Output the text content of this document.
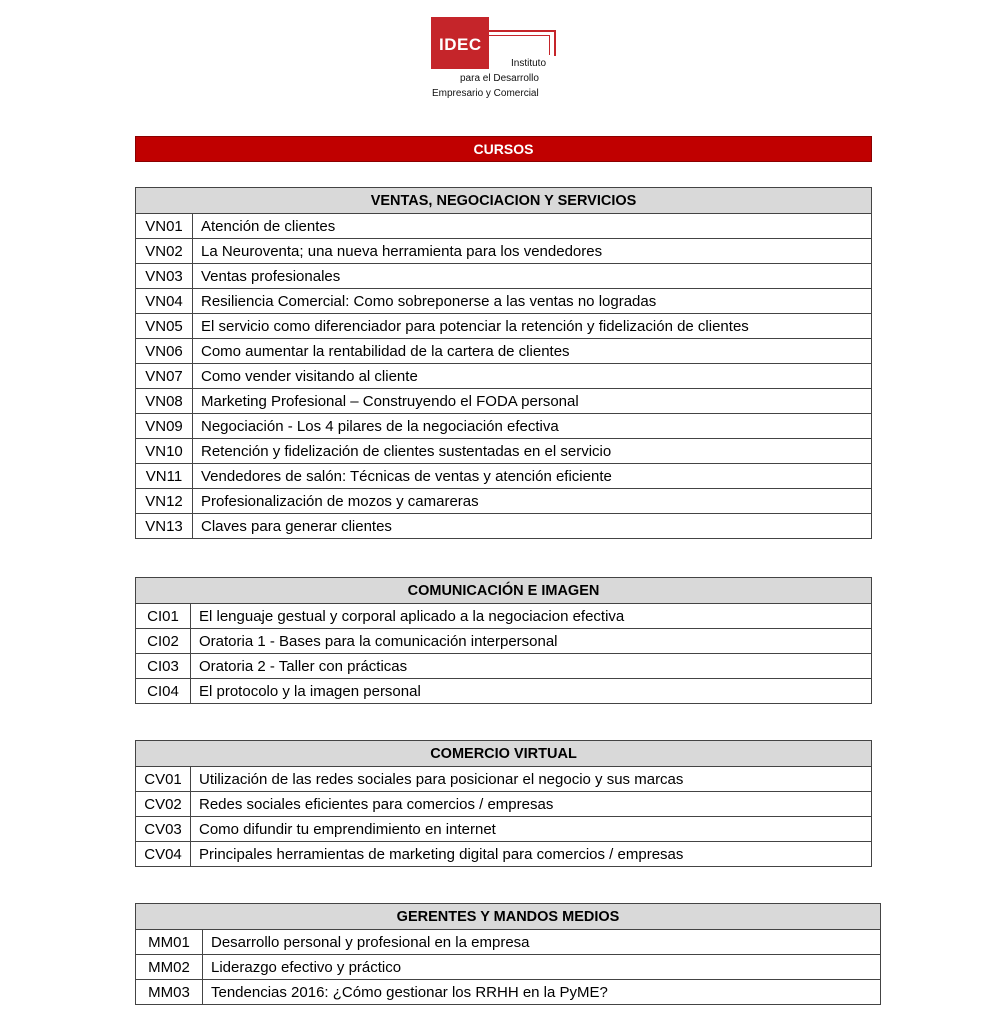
IDEC
Instituto
para el Desarrollo
Empresario y Comercial
CURSOS
VENTAS, NEGOCIACION Y SERVICIOS	
VN01	Atención de clientes
VN02	La Neuroventa; una nueva herramienta para los vendedores
VN03	Ventas profesionales
VN04	Resiliencia Comercial: Como sobreponerse a las ventas no logradas
VN05	El servicio como diferenciador para potenciar la retención y fidelización de clientes
VN06	Como aumentar la rentabilidad de la cartera de clientes
VN07	Como vender visitando al cliente
VN08	Marketing Profesional – Construyendo el FODA personal
VN09	Negociación - Los 4 pilares de la negociación efectiva
VN10	Retención y fidelización de clientes sustentadas en el servicio
VN11	Vendedores de salón: Técnicas de ventas y atención eficiente
VN12	Profesionalización de mozos y camareras
VN13	Claves para generar clientes
COMUNICACIÓN E IMAGEN	
CI01	El lenguaje gestual y corporal aplicado a la negociacion efectiva
CI02	Oratoria 1 - Bases para la comunicación interpersonal
CI03	Oratoria 2 - Taller con prácticas
CI04	El protocolo y la imagen personal
COMERCIO VIRTUAL	
CV01	Utilización de las redes sociales para posicionar el negocio y sus marcas
CV02	Redes sociales eficientes para comercios / empresas
CV03	Como difundir tu emprendimiento en internet
CV04	Principales herramientas de marketing digital para comercios / empresas
GERENTES Y MANDOS MEDIOS	
MM01	Desarrollo personal y profesional en la empresa
MM02	Liderazgo efectivo y práctico
MM03	Tendencias 2016: ¿Cómo gestionar los RRHH en la PyME?
